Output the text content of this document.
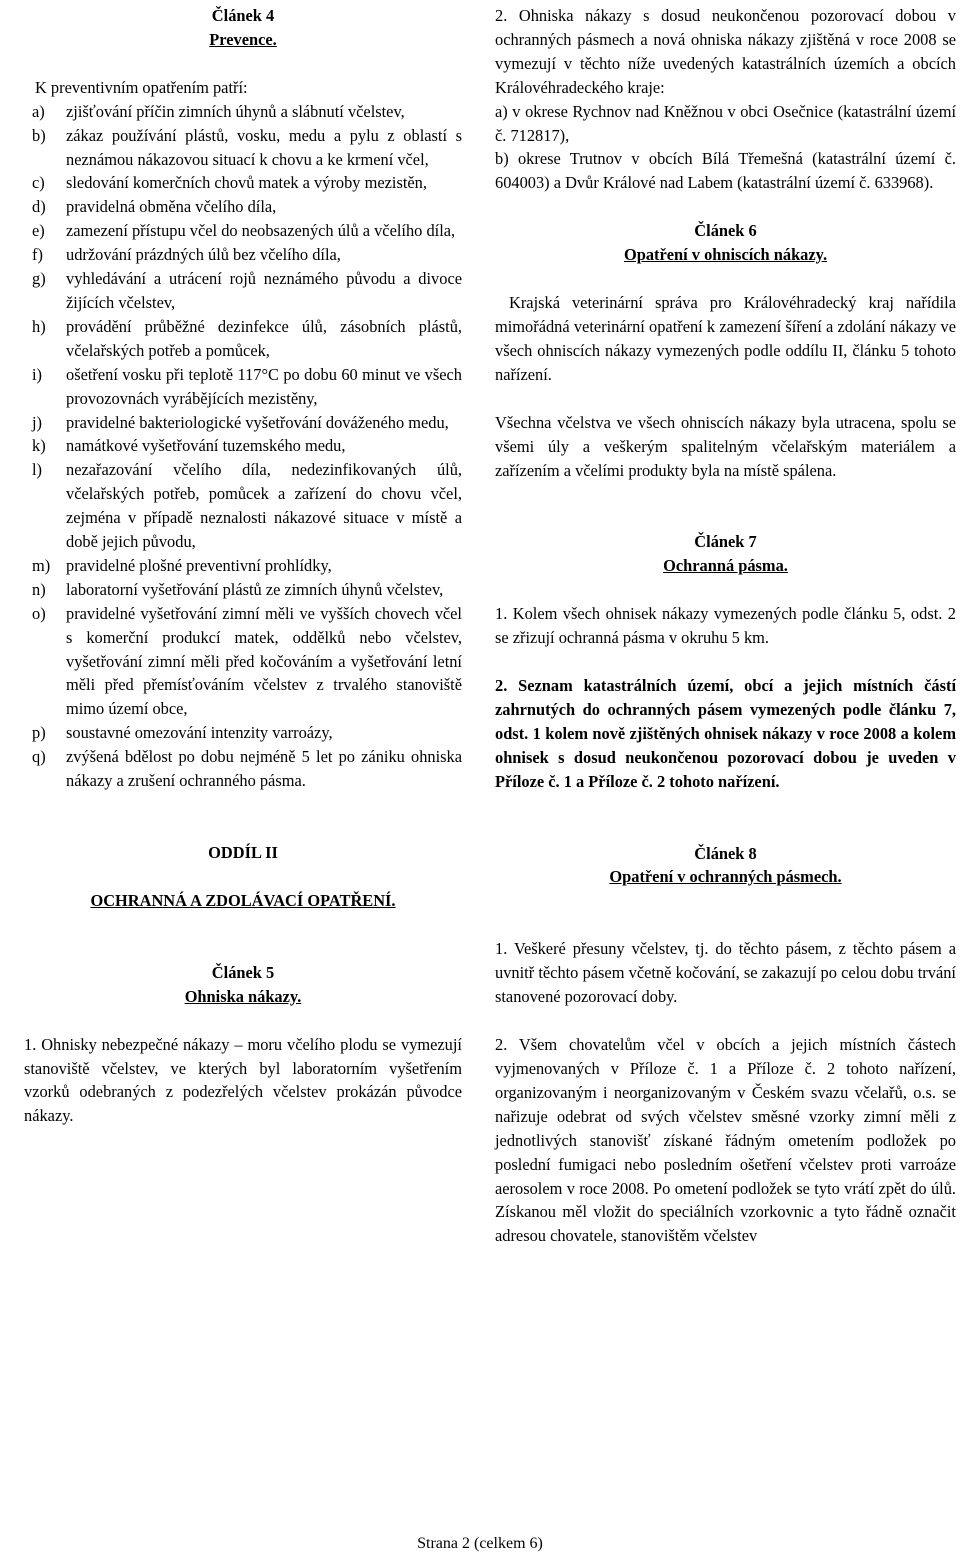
Článek 4
Prevence.
K preventivním opatřením patří:
a)	zjišťování příčin zimních úhynů a slábnutí včelstev,
b)	zákaz používání plástů, vosku, medu a pylu z oblastí s neznámou nákazovou situací k chovu a ke krmení včel,
c)	sledování komerčních chovů matek a výroby mezistěn,
d)	pravidelná obměna včelího díla,
e)	zamezení přístupu včel do neobsazených úlů a včelího díla,
f)	udržování prázdných úlů bez včelího díla,
g)	vyhledávání a utrácení rojů neznámého původu a divoce žijících včelstev,
h)	provádění průběžné dezinfekce úlů, zásobních plástů, včelařských potřeb a pomůcek,
i)	ošetření vosku při teplotě 117°C po dobu 60 minut ve všech provozovnách vyrábějících mezistěny,
j)	pravidelné bakteriologické vyšetřování dováženého medu,
k)	namátkové vyšetřování tuzemského medu,
l)	nezařazování včelího díla, nedezinfikovaných úlů, včelařských potřeb, pomůcek a zařízení do chovu včel, zejména v případě neznalosti nákazové situace v místě a době jejich původu,
m) pravidelné plošné preventivní prohlídky,
n)	laboratorní vyšetřování plástů ze zimních úhynů včelstev,
o)	pravidelné vyšetřování zimní měli ve vyšších chovech včel s komerční produkcí matek, oddělků nebo včelstev, vyšetřování zimní měli před kočováním a vyšetřování letní měli před přemísťováním včelstev z trvalého stanoviště mimo území obce,
p)	soustavné omezování intenzity varroázy,
q)	zvýšená bdělost po dobu nejméně 5 let po zániku ohniska nákazy a zrušení ochranného pásma.
ODDÍL II
OCHRANNÁ A ZDOLÁVACÍ OPATŘENÍ.
Článek 5
Ohniska nákazy.

1. Ohnisky nebezpečné nákazy – moru včelího plodu se vymezují stanoviště včelstev, ve kterých byl laboratorním vyšetřením vzorků odebraných z podezřelých včelstev prokázán původce nákazy.

2. Ohniska nákazy s dosud neukončenou pozorovací dobou v ochranných pásmech a nová ohniska nákazy zjištěná v roce 2008 se vymezují v těchto níže uvedených katastrálních územích a obcích Královéhradeckého kraje:

a) v okrese Rychnov nad Kněžnou v obci Osečnice (katastrální území č. 712817),

b) okrese Trutnov v obcích Bílá Třemešná (katastrální území č. 604003) a Dvůr Králové nad Labem (katastrální území č. 633968).

Článek 6
Opatření v ohniscích nákazy.

Krajská veterinární správa pro Královéhradecký kraj nařídila mimořádná veterinární opatření k zamezení šíření a zdolání nákazy ve všech ohniscích nákazy vymezených podle oddílu II, článku 5 tohoto nařízení.

Všechna včelstva ve všech ohniscích nákazy byla utracena, spolu se všemi úly a veškerým spalitelným včelařským materiálem a zařízením a včelími produkty byla na místě spálena.

Článek 7
Ochranná pásma.

1. Kolem všech ohnisek nákazy vymezených podle článku 5, odst. 2 se zřizují ochranná pásma v okruhu 5 km.

2. Seznam katastrálních území, obcí a jejich místních částí zahrnutých do ochranných pásem vymezených podle článku 7, odst. 1 kolem nově zjištěných ohnisek nákazy v roce 2008 a kolem ohnisek s dosud neukončenou pozorovací dobou je uveden v Příloze č. 1 a Příloze č. 2 tohoto nařízení.

Článek 8
Opatření v ochranných pásmech.

1. Veškeré přesuny včelstev, tj. do těchto pásem, z těchto pásem a uvnitř těchto pásem včetně kočování, se zakazují po celou dobu trvání stanovené pozorovací doby.

2. Všem chovatelům včel v obcích a jejich místních částech vyjmenovaných v Příloze č. 1 a Příloze č. 2 tohoto nařízení, organizovaným i neorganizovaným v Českém svazu včelařů, o.s. se nařizuje odebrat od svých včelstev směsné vzorky zimní měli z jednotlivých stanovišť získané řádným ometením podložek po poslední fumigaci nebo posledním ošetření včelstev proti varroáze aerosolem v roce 2008. Po ometení podložek se tyto vrátí zpět do úlů. Získanou měl vložit do speciálních vzorkovnic a tyto řádně označit adresou chovatele, stanovištěm včelstev

Strana 2 (celkem 6)
